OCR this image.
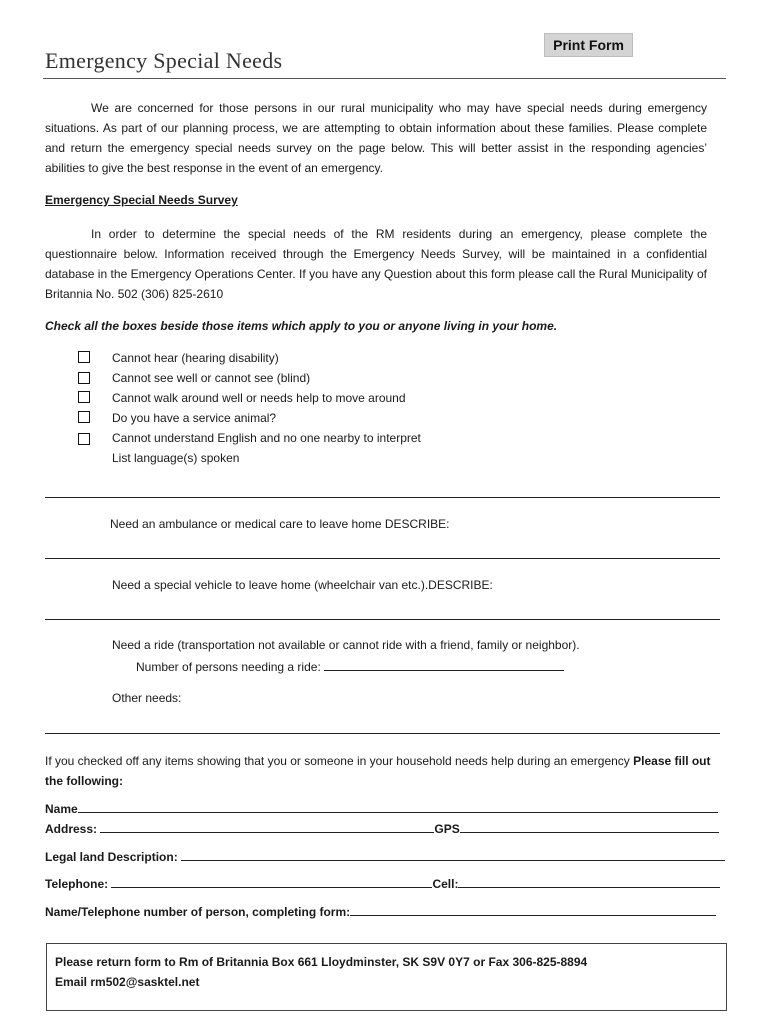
Emergency Special Needs
Print Form
We are concerned for those persons in our rural municipality who may have special needs during emergency situations. As part of our planning process, we are attempting to obtain information about these families. Please complete and return the emergency special needs survey on the page below. This will better assist in the responding agencies’ abilities to give the best response in the event of an emergency.
Emergency Special Needs Survey
In order to determine the special needs of the RM residents during an emergency, please complete the questionnaire below. Information received through the Emergency Needs Survey, will be maintained in a confidential database in the Emergency Operations Center. If you have any Question about this form please call the Rural Municipality of Britannia No. 502 (306) 825-2610
Check all the boxes beside those items which apply to you or anyone living in your home.
Cannot hear (hearing disability)
Cannot see well or cannot see (blind)
Cannot walk around well or needs help to move around
Do you have a service animal?
Cannot understand English and no one nearby to interpret
List language(s) spoken
Need an ambulance or medical care to leave home DESCRIBE:
Need a special vehicle to leave home (wheelchair van etc.).DESCRIBE:
Need a ride (transportation not available or cannot ride with a friend, family or neighbor).
Number of persons needing a ride:
Other needs:
If you checked off any items showing that you or someone in your household needs help during an emergency Please fill out the following:
Name
Address:	GPS
Legal land Description:
Telephone:	Cell:
Name/Telephone number of person, completing form:
Please return form to Rm of Britannia Box 661 Lloydminster, SK S9V 0Y7 or Fax 306-825-8894
Email rm502@sasktel.net
